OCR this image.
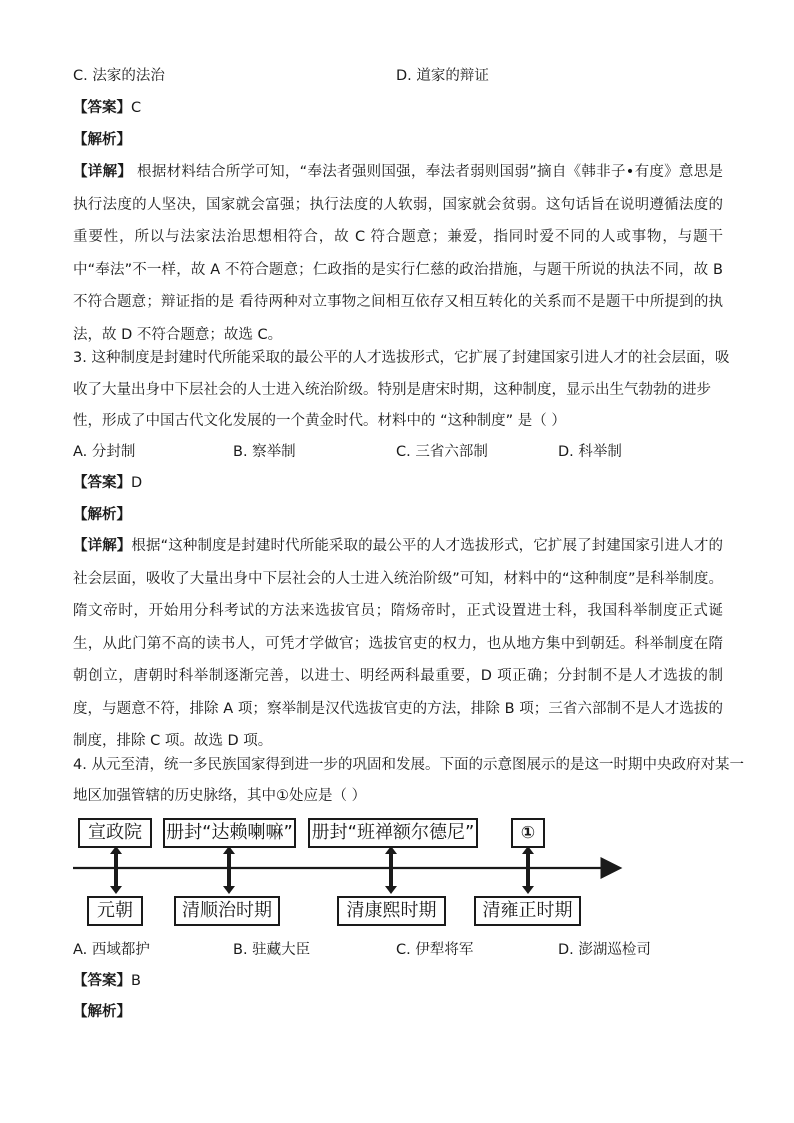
C. 法家的法治	D. 道家的辩证
【答案】C
【解析】
【详解】 根据材料结合所学可知，“奉法者强则国强，奉法者弱则国弱”摘自《韩非子•有度》意思是执行法度的人坚决，国家就会富强；执行法度的人软弱，国家就会贫弱。这句话旨在说明遵循法度的重要性，所以与法家法治思想相符合，故 C 符合题意；兼爱，指同时爱不同的人或事物，与题干中“奉法”不一样，故 A 不符合题意；仁政指的是实行仁慈的政治措施，与题干所说的执法不同，故 B 不符合题意；辩证指的是 看待两种对立事物之间相互依存又相互转化的关系而不是题干中所提到的执法，故 D 不符合题意；故选 C。
3. 这种制度是封建时代所能采取的最公平的人才选拔形式，它扩展了封建国家引进人才的社会层面，吸
收了大量出身中下层社会的人士进入统治阶级。特别是唐宋时期，这种制度，显示出生气勃勃的进步
性，形成了中国古代文化发展的一个黄金时代。材料中的 “这种制度” 是（ ）
A. 分封制	B. 察举制	C. 三省六部制	D. 科举制
【答案】D
【解析】
【详解】根据“这种制度是封建时代所能采取的最公平的人才选拔形式，它扩展了封建国家引进人才的社会层面，吸收了大量出身中下层社会的人士进入统治阶级”可知，材料中的“这种制度”是科举制度。隋文帝时，开始用分科考试的方法来选拔官员；隋炀帝时，正式设置进士科，我国科举制度正式诞生，从此门第不高的读书人，可凭才学做官；选拔官吏的权力，也从地方集中到朝廷。科举制度在隋朝创立，唐朝时科举制逐渐完善，以进士、明经两科最重要，D 项正确；分封制不是人才选拔的制度，与题意不符，排除 A 项；察举制是汉代选拔官吏的方法，排除 B 项；三省六部制不是人才选拔的制度，排除 C 项。故选 D 项。
4. 从元至清，统一多民族国家得到进一步的巩固和发展。下面的示意图展示的是这一时期中央政府对某一
地区加强管辖的历史脉络，其中①处应是（ ）
宣政院	册封“达赖喇嘛” 册封“班禅额尔德尼”	①
元朝	清顺治时期	清康熙时期	清雍正时期
A. 西域都护	B. 驻藏大臣	C. 伊犁将军	D. 澎湖巡检司
【答案】B
【解析】
